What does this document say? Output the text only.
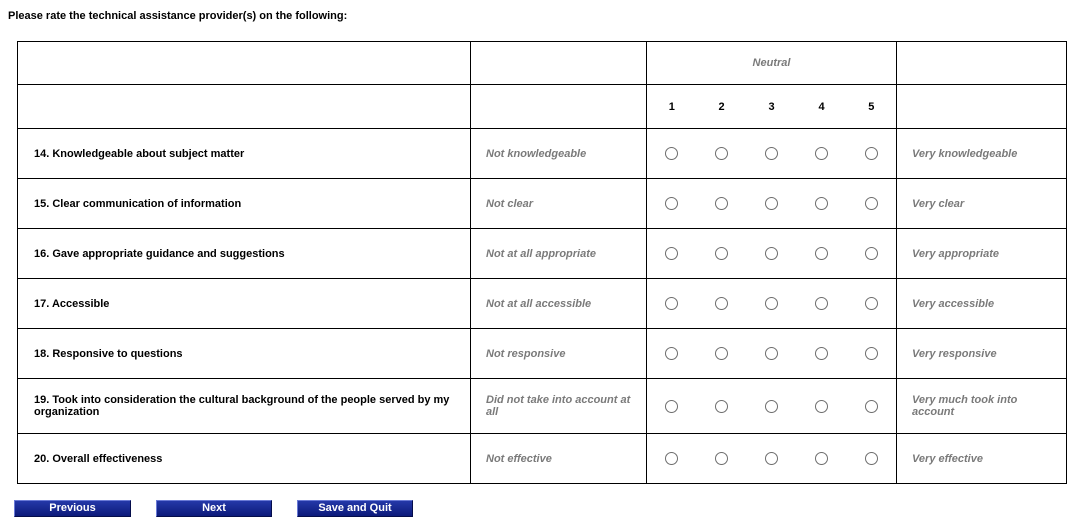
Please rate the technical assistance provider(s) on the following:
		Neutral					
		1	2	3	4	5	
14. Knowledgeable about subject matter	Not knowledgeable						Very knowledgeable
15. Clear communication of information	Not clear						Very clear
16. Gave appropriate guidance and suggestions	Not at all appropriate						Very appropriate
17. Accessible	Not at all accessible						Very accessible
18. Responsive to questions	Not responsive						Very responsive
19. Took into consideration the cultural background of the people served by my organization	Did not take into account at all						Very much took into account
20. Overall effectiveness	Not effective						Very effective
Previous	Next	Save and Quit
